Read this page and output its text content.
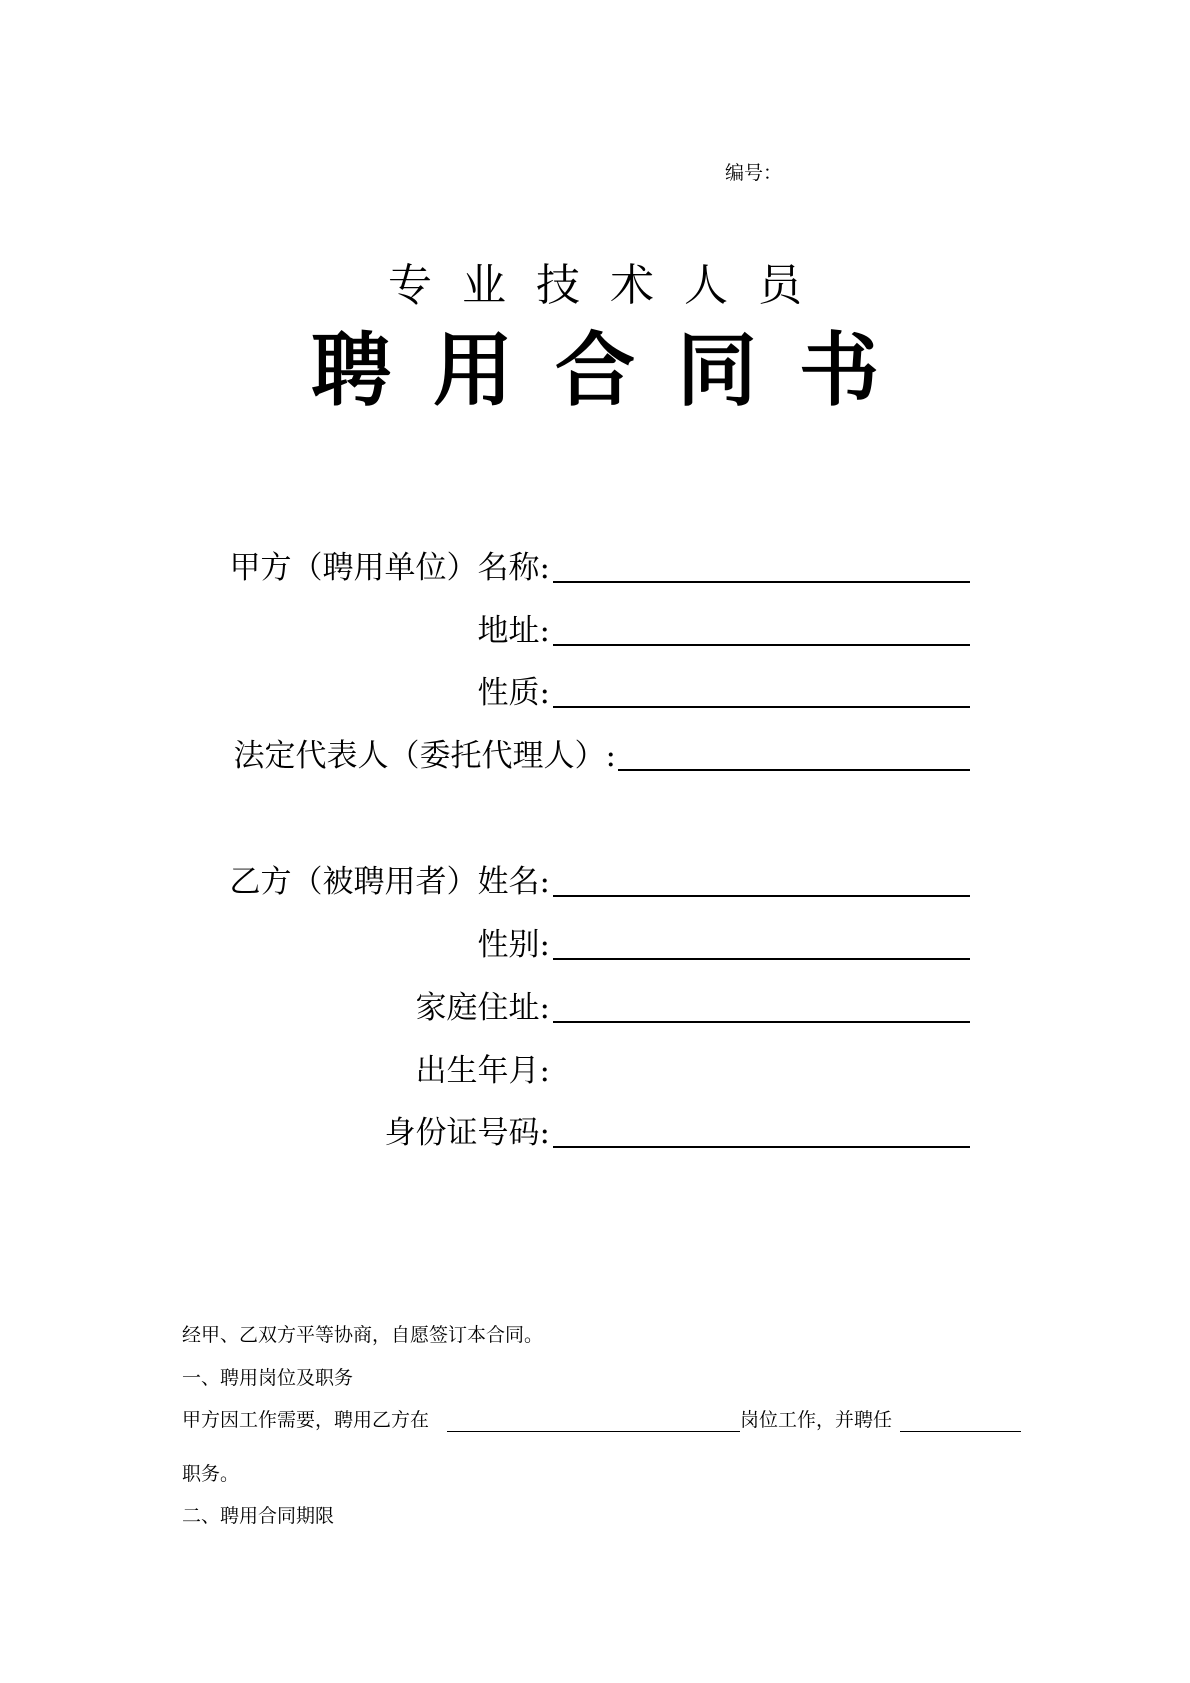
编号：
专业技术人员
聘用合同书
甲方（聘用单位）名称:
地址:
性质:
法定代表人（委托代理人）:
乙方（被聘用者）姓名:
性别:
家庭住址:
出生年月:
身份证号码:
经甲、乙双方平等协商，自愿签订本合同。
一、聘用岗位及职务
甲方因工作需要，聘用乙方在	岗位工作，并聘任
职务。
二、聘用合同期限
